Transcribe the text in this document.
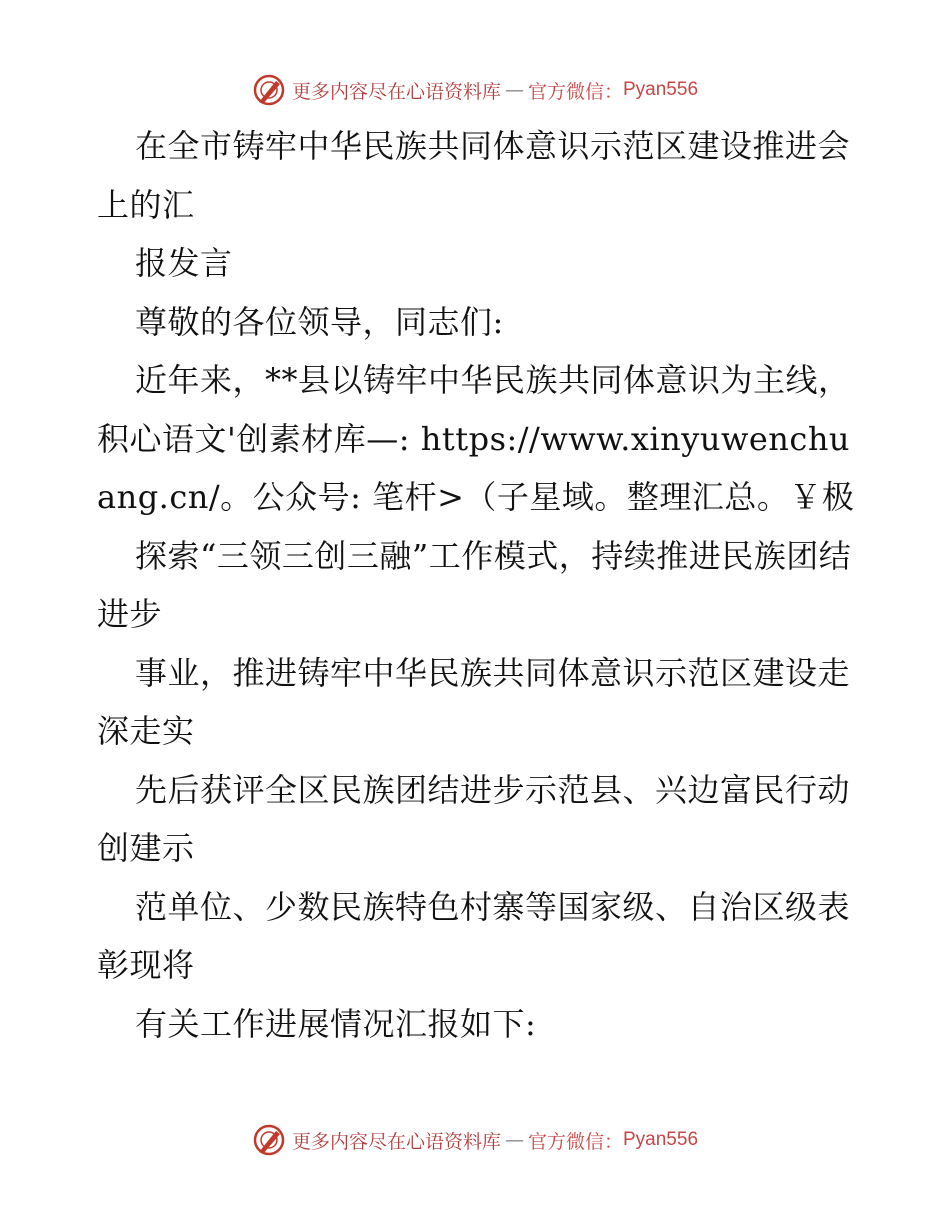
更多内容尽在心语资料库 — 官方微信： Pyan556

在全市铸牢中华民族共同体意识示范区建设推进会上的汇

报发言

尊敬的各位领导，同志们:

近年来，**县以铸牢中华民族共同体意识为主线，积心语文'创素材库—: https://www.xinyuwenchuang.cn/。公众号: 笔杆>（子星域。整理汇总。￥极

探索“三领三创三融”工作模式，持续推进民族团结进步

事业，推进铸牢中华民族共同体意识示范区建设走深走实

先后获评全区民族团结进步示范县、兴边富民行动创建示

范单位、少数民族特色村寨等国家级、自治区级表彰现将

有关工作进展情况汇报如下:

更多内容尽在心语资料库 — 官方微信： Pyan556
